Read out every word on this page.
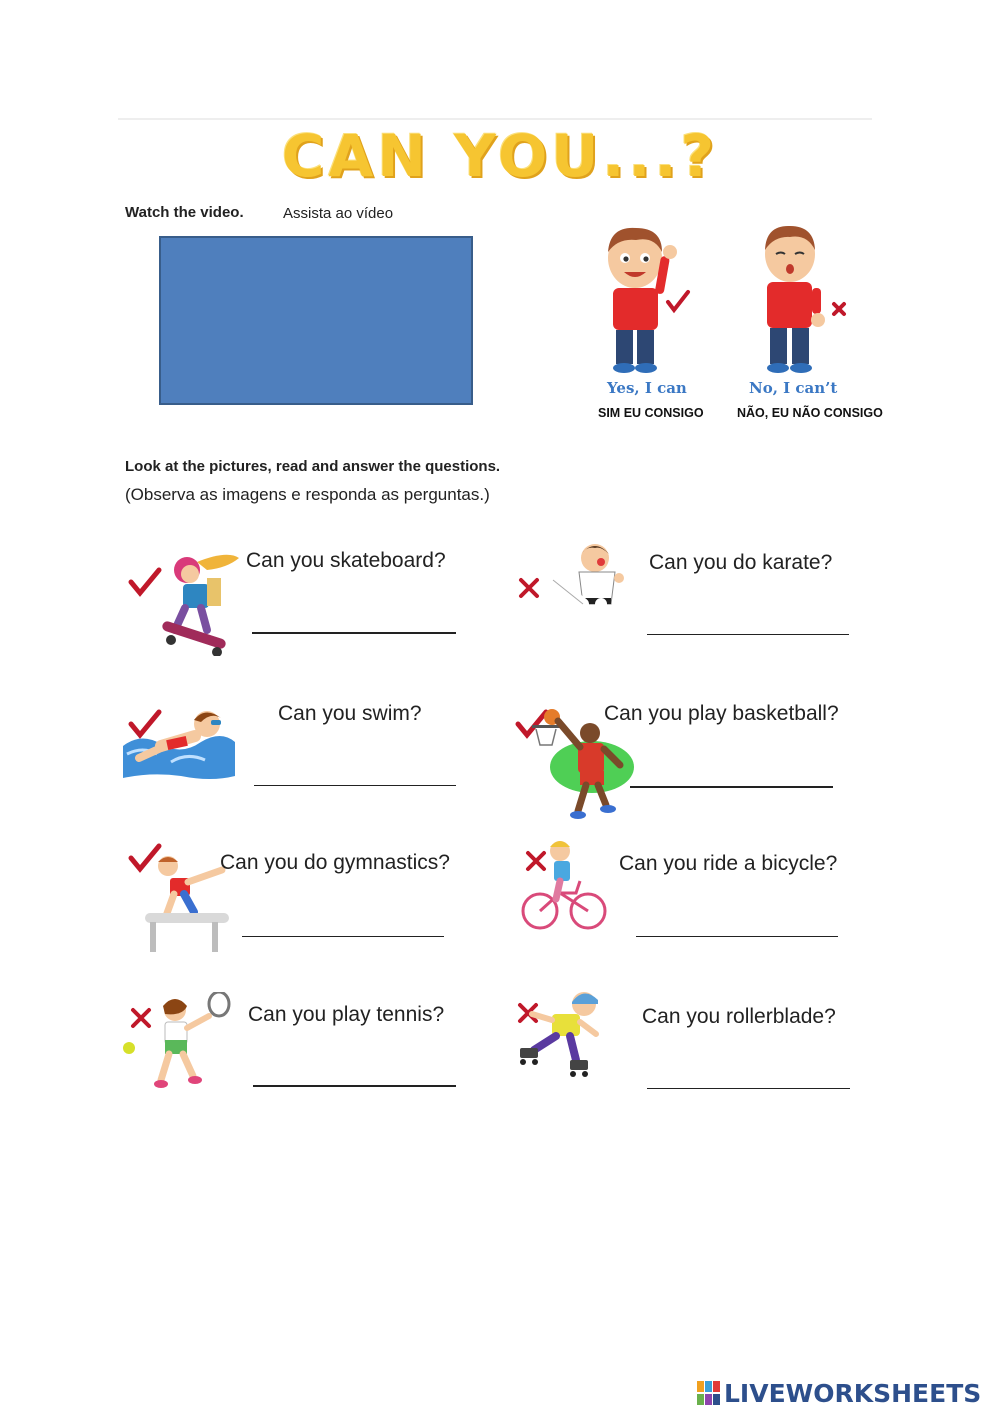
CAN YOU...?
Watch the video.	Assista ao vídeo
Yes, I can	No, I can’t
SIM EU CONSIGO	NÃO, EU NÃO CONSIGO
Look at the pictures, read and answer the questions.
(Observa as imagens e responda as perguntas.)
Can you skateboard?	Can you do karate?
Can you swim?	Can you play basketball?
Can you do gymnastics?	Can you ride a bicycle?
Can you play tennis?	Can you rollerblade?
LIVEWORKSHEETS
